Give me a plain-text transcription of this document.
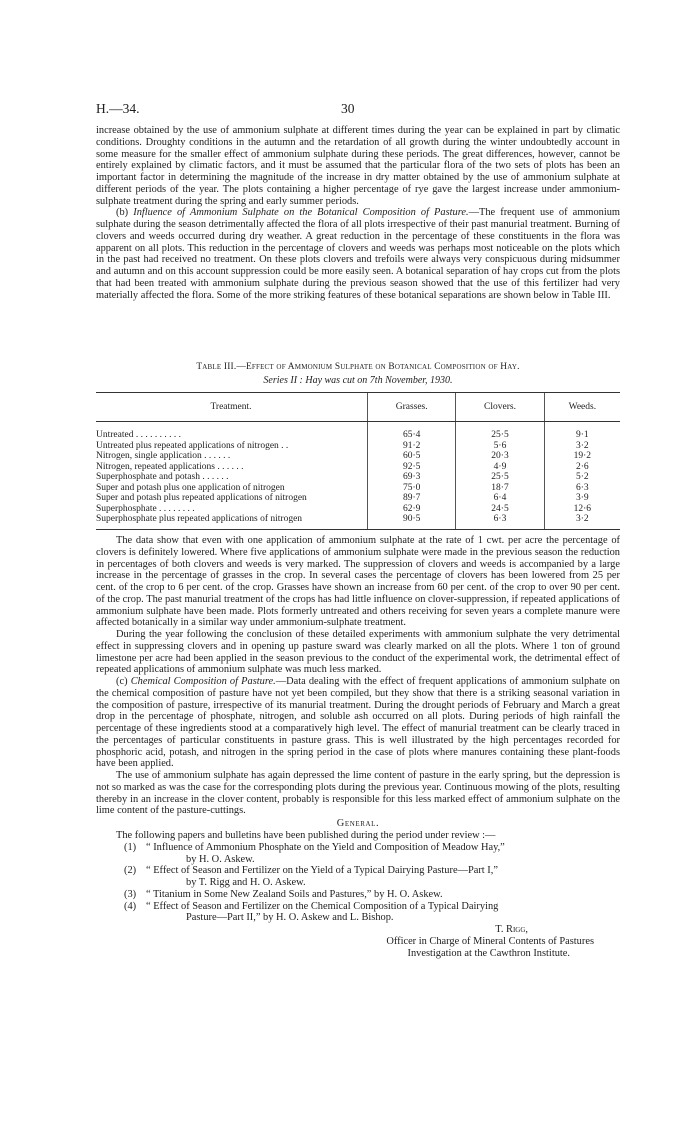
H.—34.	30

increase obtained by the use of ammonium sulphate at different times during the year can be explained in part by climatic conditions. Droughty conditions in the autumn and the retardation of all growth during the winter undoubtedly account in some measure for the smaller effect of ammonium sulphate during these periods. The great differences, however, cannot be entirely explained by climatic factors, and it must be assumed that the particular flora of the two sets of plots has been an important factor in determining the magnitude of the increase in dry matter obtained by the use of ammonium sulphate at different periods of the year. The plots containing a higher percentage of rye gave the largest increase under ammonium-sulphate treatment during the spring and early summer periods.

(b) Influence of Ammonium Sulphate on the Botanical Composition of Pasture.—The frequent use of ammonium sulphate during the season detrimentally affected the flora of all plots irrespective of their past manurial treatment. Burning of clovers and weeds occurred during dry weather. A great reduction in the percentage of these constituents in the flora was apparent on all plots. This reduction in the percentage of clovers and weeds was perhaps most noticeable on the plots which in the past had received no treatment. On these plots clovers and trefoils were always very conspicuous during midsummer and autumn and on this account suppression could be more easily seen. A botanical separation of hay crops cut from the plots that had been treated with ammonium sulphate during the previous season showed that the use of this fertilizer had very materially affected the flora. Some of the more striking features of these botanical separations are shown below in Table III.

Table III.—Effect of Ammonium Sulphate on Botanical Composition of Hay.
Series II : Hay was cut on 7th November, 1930.
Treatment.	Grasses.	Clovers.	Weeds.
Untreated . . . . . . . . . .	65·4	25·5	9·1
Untreated plus repeated applications of nitrogen . .	91·2	5·6	3·2
Nitrogen, single application . . . . . .	60·5	20·3	19·2
Nitrogen, repeated applications . . . . . .	92·5	4·9	2·6
Superphosphate and potash . . . . . .	69·3	25·5	5·2
Super and potash plus one application of nitrogen	75·0	18·7	6·3
Super and potash plus repeated applications of nitrogen	89·7	6·4	3·9
Superphosphate . . . . . . . .	62·9	24·5	12·6
Superphosphate plus repeated applications of nitrogen	90·5	6·3	3·2

The data show that even with one application of ammonium sulphate at the rate of 1 cwt. per acre the percentage of clovers is definitely lowered. Where five applications of ammonium sulphate were made in the previous season the reduction in percentages of both clovers and weeds is very marked. The suppression of clovers and weeds is accompanied by a large increase in the percentage of grasses in the crop. In several cases the percentage of clovers has been lowered from 25 per cent. of the crop to 6 per cent. of the crop. Grasses have shown an increase from 60 per cent. of the crop to over 90 per cent. of the crop. The past manurial treatment of the crops has had little influence on clover-suppression, if repeated applications of ammonium sulphate have been made. Plots formerly untreated and others receiving for seven years a complete manure were affected botanically in a similar way under ammonium-sulphate treatment.

During the year following the conclusion of these detailed experiments with ammonium sulphate the very detrimental effect in suppressing clovers and in opening up pasture sward was clearly marked on all the plots. Where 1 ton of ground limestone per acre had been applied in the season previous to the conduct of the experimental work, the detrimental effect of repeated applications of ammonium sulphate was much less marked.

(c) Chemical Composition of Pasture.—Data dealing with the effect of frequent applications of ammonium sulphate on the chemical composition of pasture have not yet been compiled, but they show that there is a striking seasonal variation in the composition of pasture, irrespective of its manurial treatment. During the drought periods of February and March a great drop in the percentage of phosphate, nitrogen, and soluble ash occurred on all plots. During periods of high rainfall the percentage of these ingredients stood at a comparatively high level. The effect of manurial treatment can be clearly traced in the percentages of particular constituents in pasture grass. This is well illustrated by the high percentages recorded for phosphoric acid, potash, and nitrogen in the spring period in the case of plots where manures containing these plant-foods have been applied.

The use of ammonium sulphate has again depressed the lime content of pasture in the early spring, but the depression is not so marked as was the case for the corresponding plots during the previous year. Continuous mowing of the plots, resulting thereby in an increase in the clover content, probably is responsible for this less marked effect of ammonium sulphate on the lime content of the pasture-cuttings.

General.

The following papers and bulletins have been published during the period under review :—

(1) “ Influence of Ammonium Phosphate on the Yield and Composition of Meadow Hay,”
by H. O. Askew.
(2) “ Effect of Season and Fertilizer on the Yield of a Typical Dairying Pasture—Part I,”
by T. Rigg and H. O. Askew.
(3) “ Titanium in Some New Zealand Soils and Pastures,” by H. O. Askew.
(4) “ Effect of Season and Fertilizer on the Chemical Composition of a Typical Dairying
Pasture—Part II,” by H. O. Askew and L. Bishop.
T. Rigg,
Officer in Charge of Mineral Contents of Pastures
Investigation at the Cawthron Institute.
